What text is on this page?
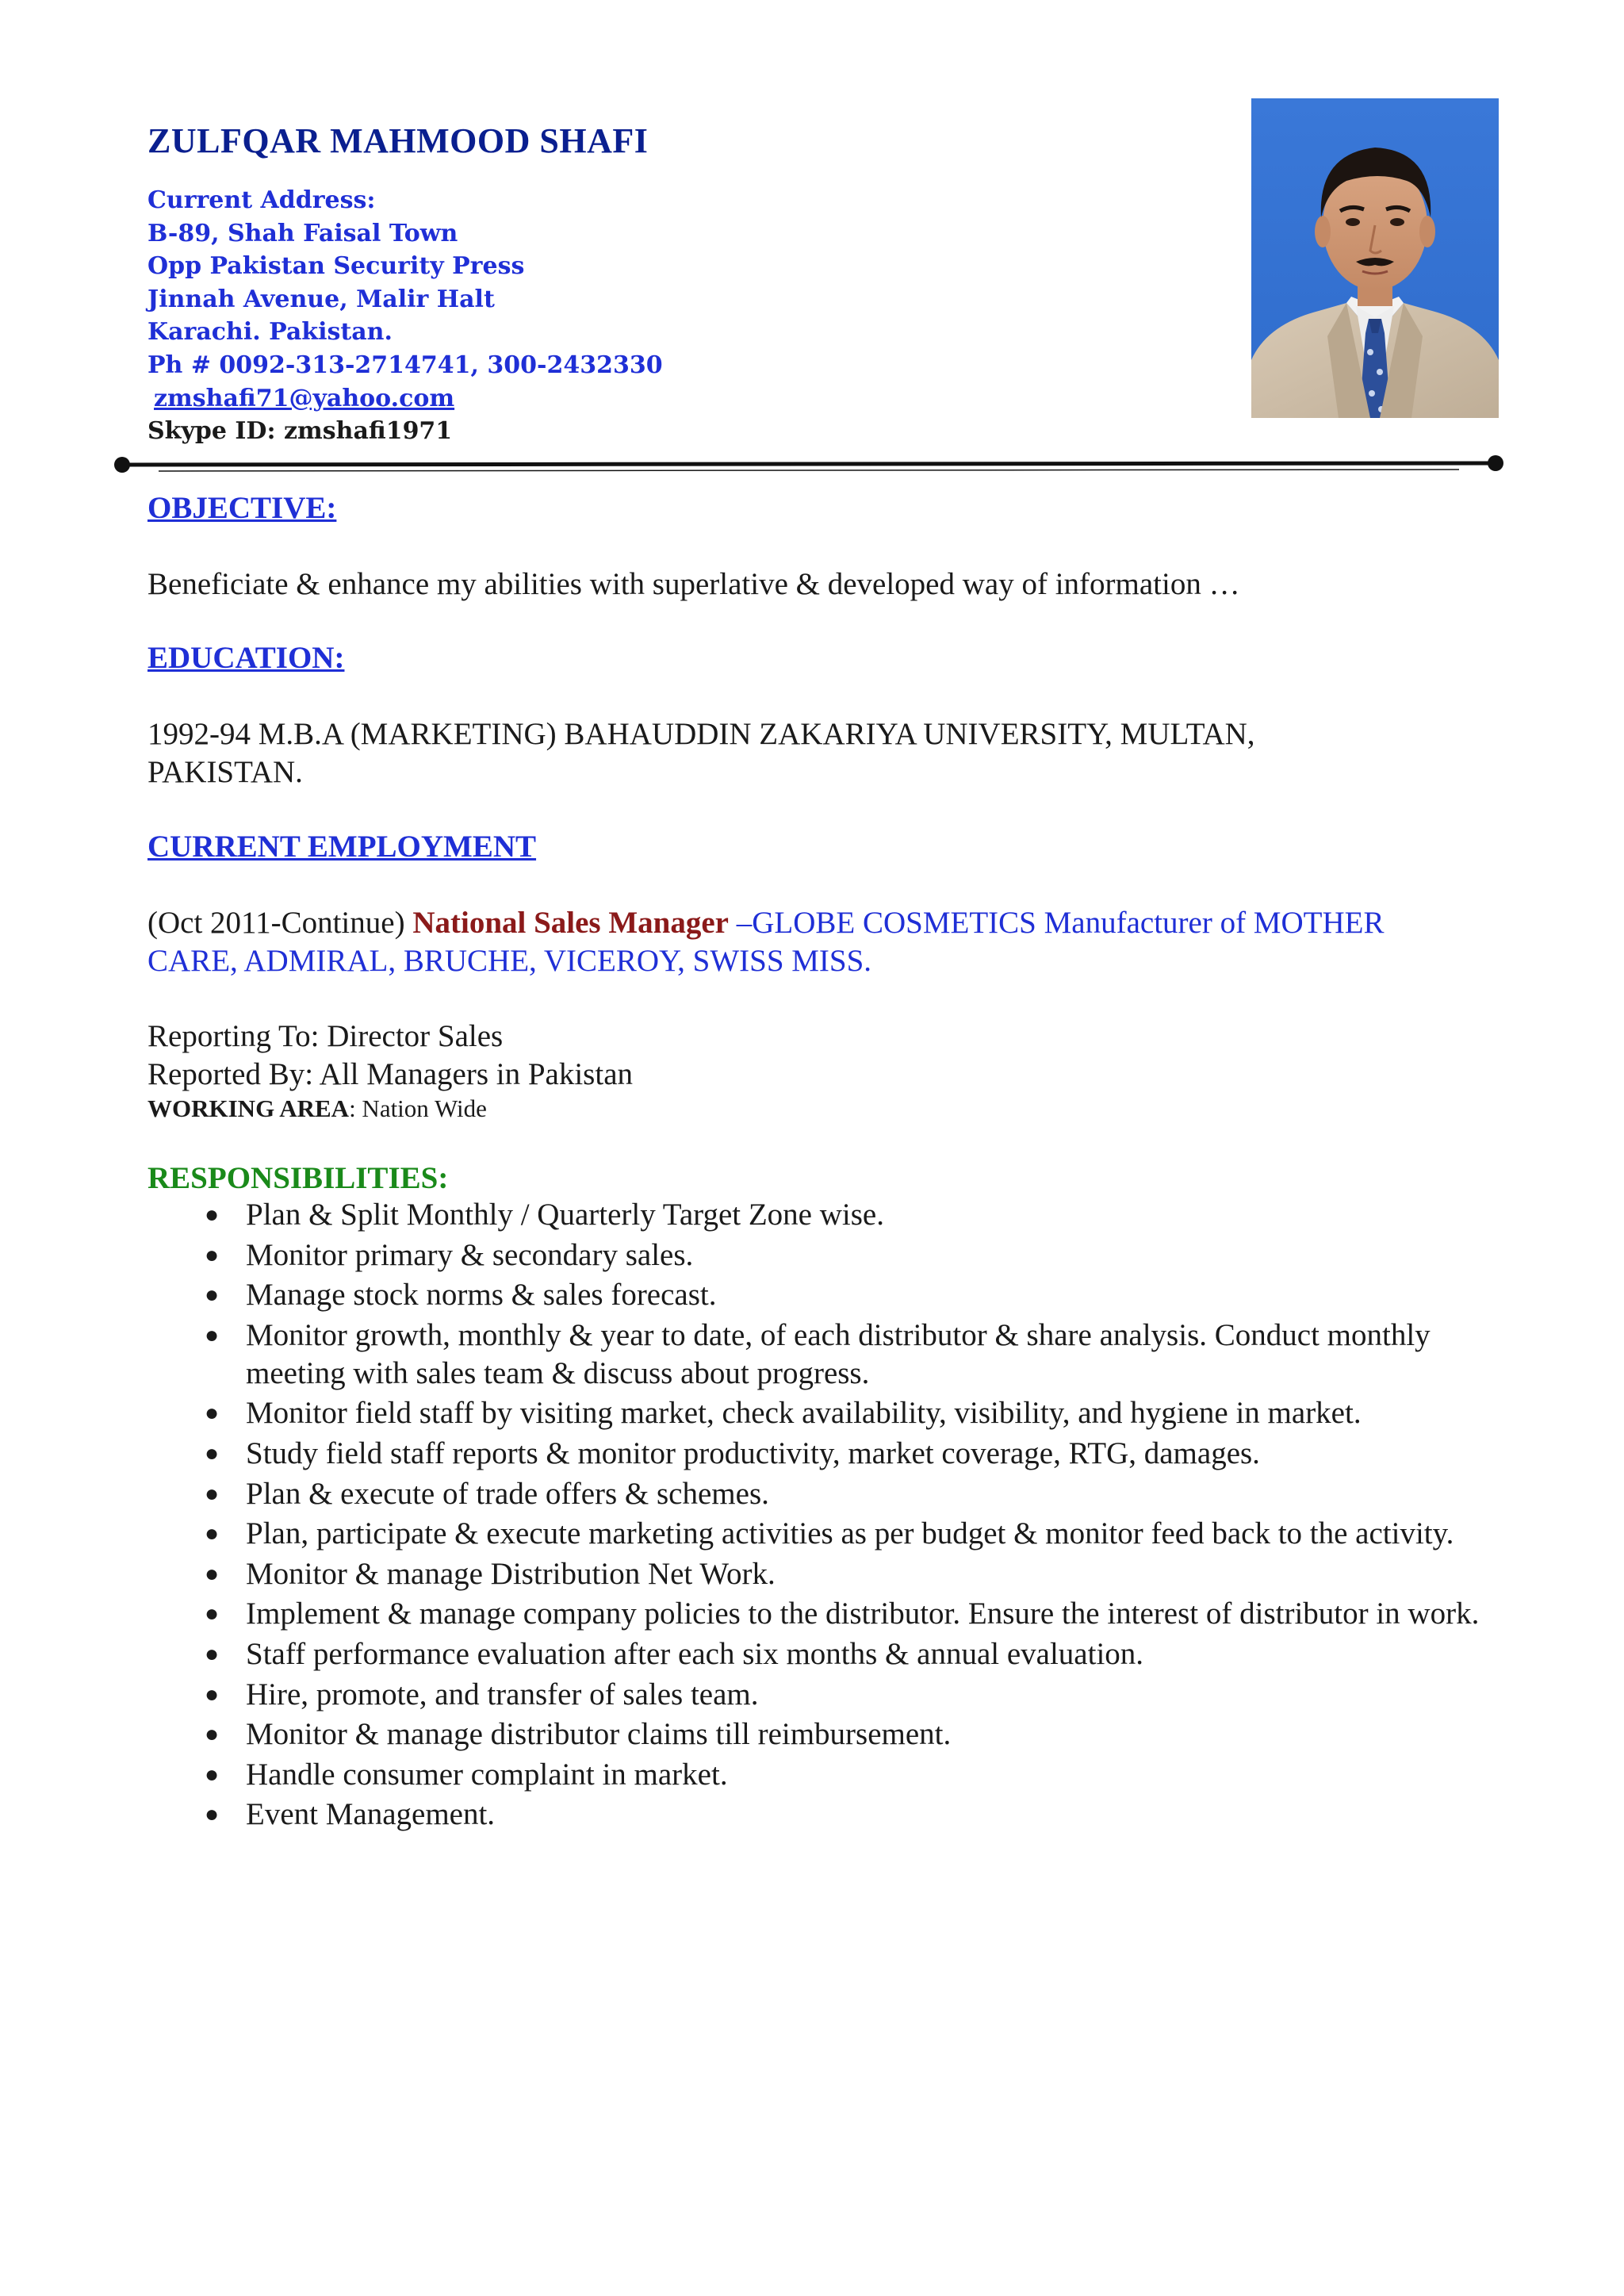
ZULFQAR MAHMOOD SHAFI
Current Address:
B-89, Shah Faisal Town
Opp Pakistan Security Press
Jinnah Avenue, Malir Halt
Karachi. Pakistan.
Ph # 0092-313-2714741, 300-2432330
zmshafi71@yahoo.com
Skype ID: zmshafi1971
OBJECTIVE:

Beneficiate & enhance my abilities with superlative & developed way of information …

EDUCATION:

1992-94 M.B.A (MARKETING) BAHAUDDIN ZAKARIYA UNIVERSITY, MULTAN,

PAKISTAN.

CURRENT EMPLOYMENT

(Oct 2011-Continue) National Sales Manager –GLOBE COSMETICS Manufacturer of MOTHER

CARE, ADMIRAL, BRUCHE, VICEROY, SWISS MISS.

Reporting To: Director Sales

Reported By: All Managers in Pakistan

WORKING AREA: Nation Wide

RESPONSIBILITIES:
● Plan & Split Monthly / Quarterly Target Zone wise.
● Monitor primary & secondary sales.
● Manage stock norms & sales forecast.
● Monitor growth, monthly & year to date, of each distributor & share analysis. Conduct monthly meeting with sales team & discuss about progress.
● Monitor field staff by visiting market, check availability, visibility, and hygiene in market.
● Study field staff reports & monitor productivity, market coverage, RTG, damages.
● Plan & execute of trade offers & schemes.
● Plan, participate & execute marketing activities as per budget & monitor feed back to the activity.
● Monitor & manage Distribution Net Work.
● Implement & manage company policies to the distributor. Ensure the interest of distributor in work.
● Staff performance evaluation after each six months & annual evaluation.
● Hire, promote, and transfer of sales team.
● Monitor & manage distributor claims till reimbursement.
● Handle consumer complaint in market.
● Event Management.
